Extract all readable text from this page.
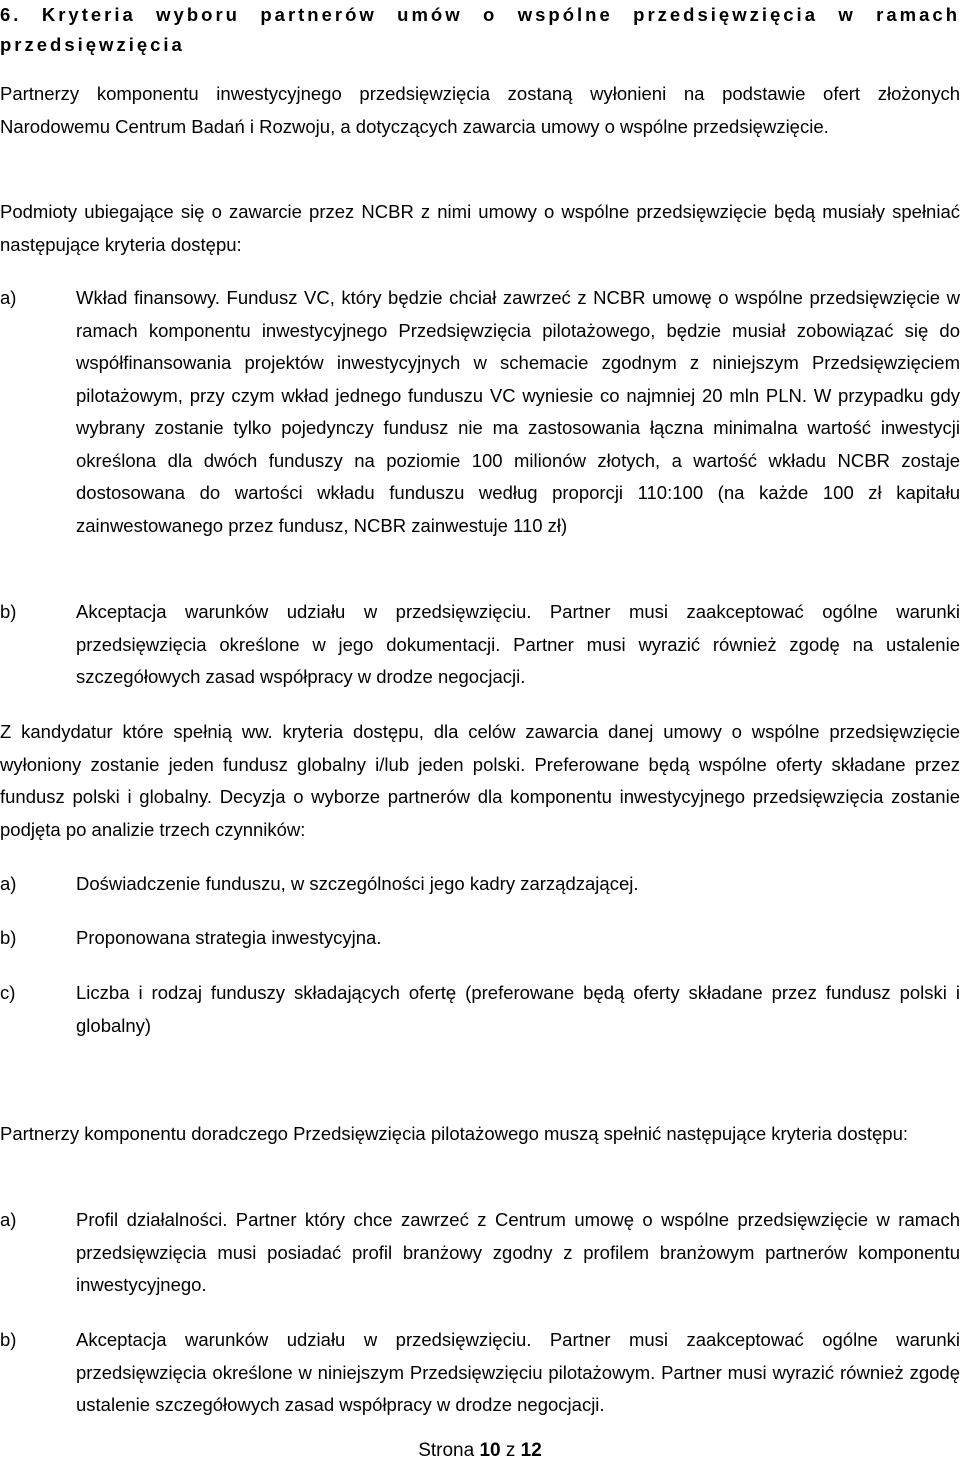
6. Kryteria wyboru partnerów umów o wspólne przedsięwzięcia w ramach przedsięwzięcia

Partnerzy komponentu inwestycyjnego przedsięwzięcia zostaną wyłonieni na podstawie ofert złożonych Narodowemu Centrum Badań i Rozwoju, a dotyczących zawarcia umowy o wspólne przedsięwzięcie.

Podmioty ubiegające się o zawarcie przez NCBR z nimi umowy o wspólne przedsięwzięcie będą musiały spełniać następujące kryteria dostępu:

a)	Wkład finansowy. Fundusz VC, który będzie chciał zawrzeć z NCBR umowę o wspólne przedsięwzięcie w ramach komponentu inwestycyjnego Przedsięwzięcia pilotażowego, będzie musiał zobowiązać się do współfinansowania projektów inwestycyjnych w schemacie zgodnym z niniejszym Przedsięwzięciem pilotażowym, przy czym wkład jednego funduszu VC wyniesie co najmniej 20 mln PLN. W przypadku gdy wybrany zostanie tylko pojedynczy fundusz nie ma zastosowania łączna minimalna wartość inwestycji określona dla dwóch funduszy na poziomie 100 milionów złotych, a wartość wkładu NCBR zostaje dostosowana do wartości wkładu funduszu według proporcji 110:100 (na każde 100 zł kapitału zainwestowanego przez fundusz, NCBR zainwestuje 110 zł)

b)	Akceptacja warunków udziału w przedsięwzięciu. Partner musi zaakceptować ogólne warunki przedsięwzięcia określone w jego dokumentacji. Partner musi wyrazić również zgodę na ustalenie szczegółowych zasad współpracy w drodze negocjacji.

Z kandydatur które spełnią ww. kryteria dostępu, dla celów zawarcia danej umowy o wspólne przedsięwzięcie wyłoniony zostanie jeden fundusz globalny i/lub jeden polski. Preferowane będą wspólne oferty składane przez fundusz polski i globalny. Decyzja o wyborze partnerów dla komponentu inwestycyjnego przedsięwzięcia zostanie podjęta po analizie trzech czynników:

a)	Doświadczenie funduszu, w szczególności jego kadry zarządzającej.

b)	Proponowana strategia inwestycyjna.

c)	Liczba i rodzaj funduszy składających ofertę (preferowane będą oferty składane przez fundusz polski i globalny)

Partnerzy komponentu doradczego Przedsięwzięcia pilotażowego muszą spełnić następujące kryteria dostępu:

a)	Profil działalności. Partner który chce zawrzeć z Centrum umowę o wspólne przedsięwzięcie w ramach przedsięwzięcia musi posiadać profil branżowy zgodny z profilem branżowym partnerów komponentu inwestycyjnego.

b)	Akceptacja warunków udziału w przedsięwzięciu. Partner musi zaakceptować ogólne warunki przedsięwzięcia określone w niniejszym Przedsięwzięciu pilotażowym. Partner musi wyrazić również zgodę ustalenie szczegółowych zasad współpracy w drodze negocjacji.

Strona 10 z 12
